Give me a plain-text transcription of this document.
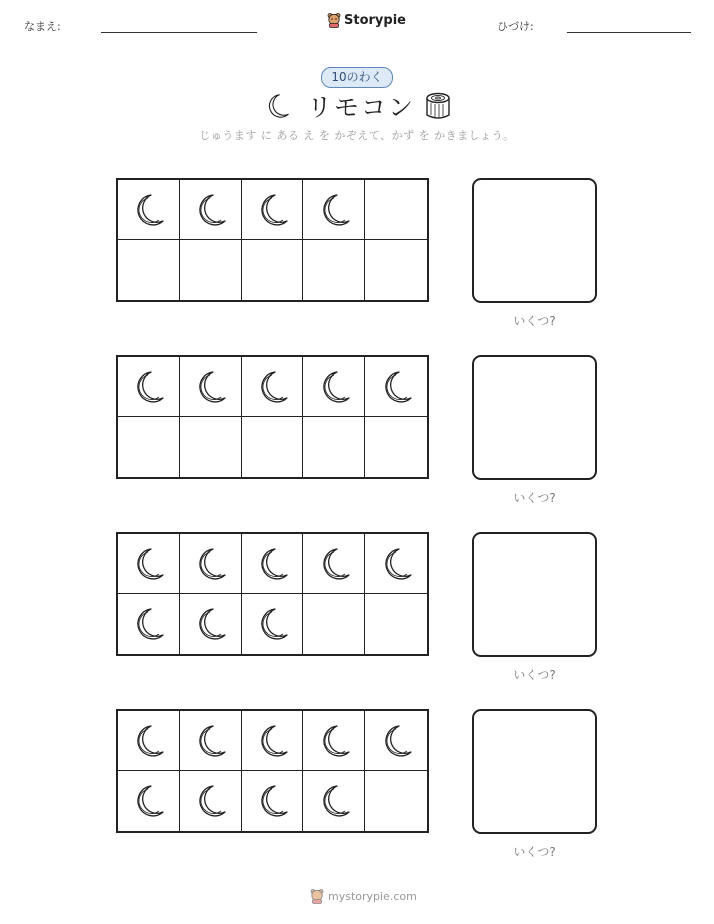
なまえ:	Storypie	ひづけ:
10のわく
リモコン
じゅうます に ある え を かぞえて、かず を かきましょう。
いくつ?
いくつ?
いくつ?
いくつ?
mystorypie.com
